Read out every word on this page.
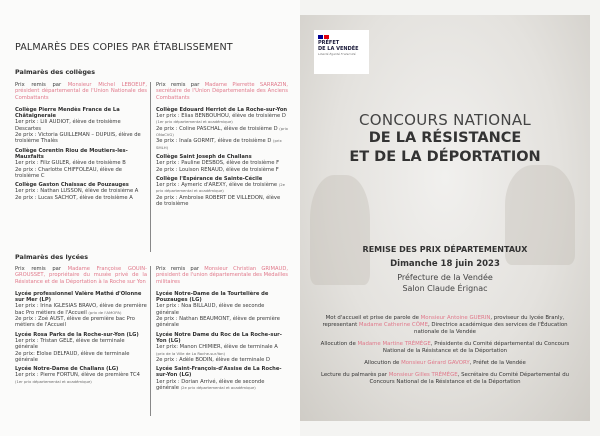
PALMARÈS DES COPIES PAR ÉTABLISSEMENT
Palmarès des collèges
Prix remis par Monsieur Michel LEBOEUF, président départemental de l'Union Nationale des Combattants
Collège Pierre Mendès France de La Châtaigneraie
1er prix : Lili AUDIOT, élève de troisième Descartes
2e prix : Victoria GUILLEMAN – DUPUIS, élève de troisième Thalès
Collège Corentin Riou de Moutiers-les-Mauxfaits
1er prix : Filiz GULER, élève de troisième B
2e prix : Charlotte CHIFFOLEAU, élève de troisième C
Collège Gaston Chaissac de Pouzauges
1er prix : Nathan LUSSON, élève de troisième A
2e prix : Lucas SACHOT, élève de troisième A
Prix remis par Madame Pierrette SARRAZIN, secrétaire de l'Union Départementale des Anciens Combattants
Collège Edouard Herriot de La Roche-sur-Yon
1er prix : Elias BENBOUHOU, élève de troisième D (1er prix départemental et académique)
2e prix : Coline PASCHAL, élève de troisième D (prix ONaCVG)
3e prix : Inaïa GORMIT, élève de troisième D (prix SMLH)
Collège Saint Joseph de Challans
1er prix : Pauline DESBOS, élève de troisième F
2e prix : Louison RENAUD, élève de troisième F
Collège l'Espérance de Sainte-Cécile
1er prix : Aymeric d'AREXY, élève de troisième (2e prix départemental et académique)
2e prix : Ambroise ROBERT DE VILLEDON, élève de troisième
Palmarès des lycées
Prix remis par Madame Françoise GOUIN-GROUSSET, propriétaire du musée privé de la Résistance et de la Déportation à la Roche sur Yon
Lycée professionnel Valère Mathé d'Olonne sur Mer (LP)
1er prix : Irina IGLESIAS BRAVO, élève de première bac Pro métiers de l'Accueil (prix de l'AMOPA)
2e prix : Zoé AUST, élève de première bac Pro métiers de l'Accueil
Lycée Rosa Parks de la Roche-sur-Yon (LG)
1er prix : Tristan GELE, élève de terminale générale
2e prix: Eloïse DELFAUD, élève de terminale générale
Lycée Notre-Dame de Challans (LG)
1er prix : Pierre FORTUN, élève de première TC4 (1er prix départemental et académique)
Prix remis par Monsieur Christian GRIMAUD, président de l'union départementale des Médailles militaires
Lycée Notre-Dame de la Tourtelière de Pouzauges (LG)
1er prix : Noa BILLAUD, élève de seconde générale
2e prix : Nathan BEAUMONT, élève de première générale
Lycée Notre Dame du Roc de La Roche-sur-Yon (LG)
1er prix: Manon CHIMIER, élève de terminale A (prix de la Ville de La Roche-sur-Yon)
2e prix : Adèle BODIN, élève de terminale D
Lycée Saint-François-d'Assise de La Roche-sur-Yon (LG)
1er prix : Dorian Arrivé, élève de seconde générale (2e prix départemental et académique)
PRÉFET
DE LA VENDÉE
Liberté Égalité Fraternité
CONCOURS NATIONAL
DE LA RÉSISTANCE
ET DE LA DÉPORTATION
REMISE DES PRIX DÉPARTEMENTAUX
Dimanche 18 juin 2023
Préfecture de la Vendée
Salon Claude Érignac

Mot d'accueil et prise de parole de Monsieur Antoine GUERIN, proviseur du lycée Branly, representant Madame Catherine CÔME, Directrice académique des services de l'Éducation nationale de la Vendée

Allocution de Madame Martine TRÉMÈGE, Présidente du Comité départemental du Concours National de la Résistance et de la Déportation

Allocution de Monsieur Gérard GAVORY, Préfet de la Vendée

Lecture du palmarès par Monsieur Gilles TRÉMÈGE, Secrétaire du Comité Départemental du Concours National de la Résistance et de la Déportation
